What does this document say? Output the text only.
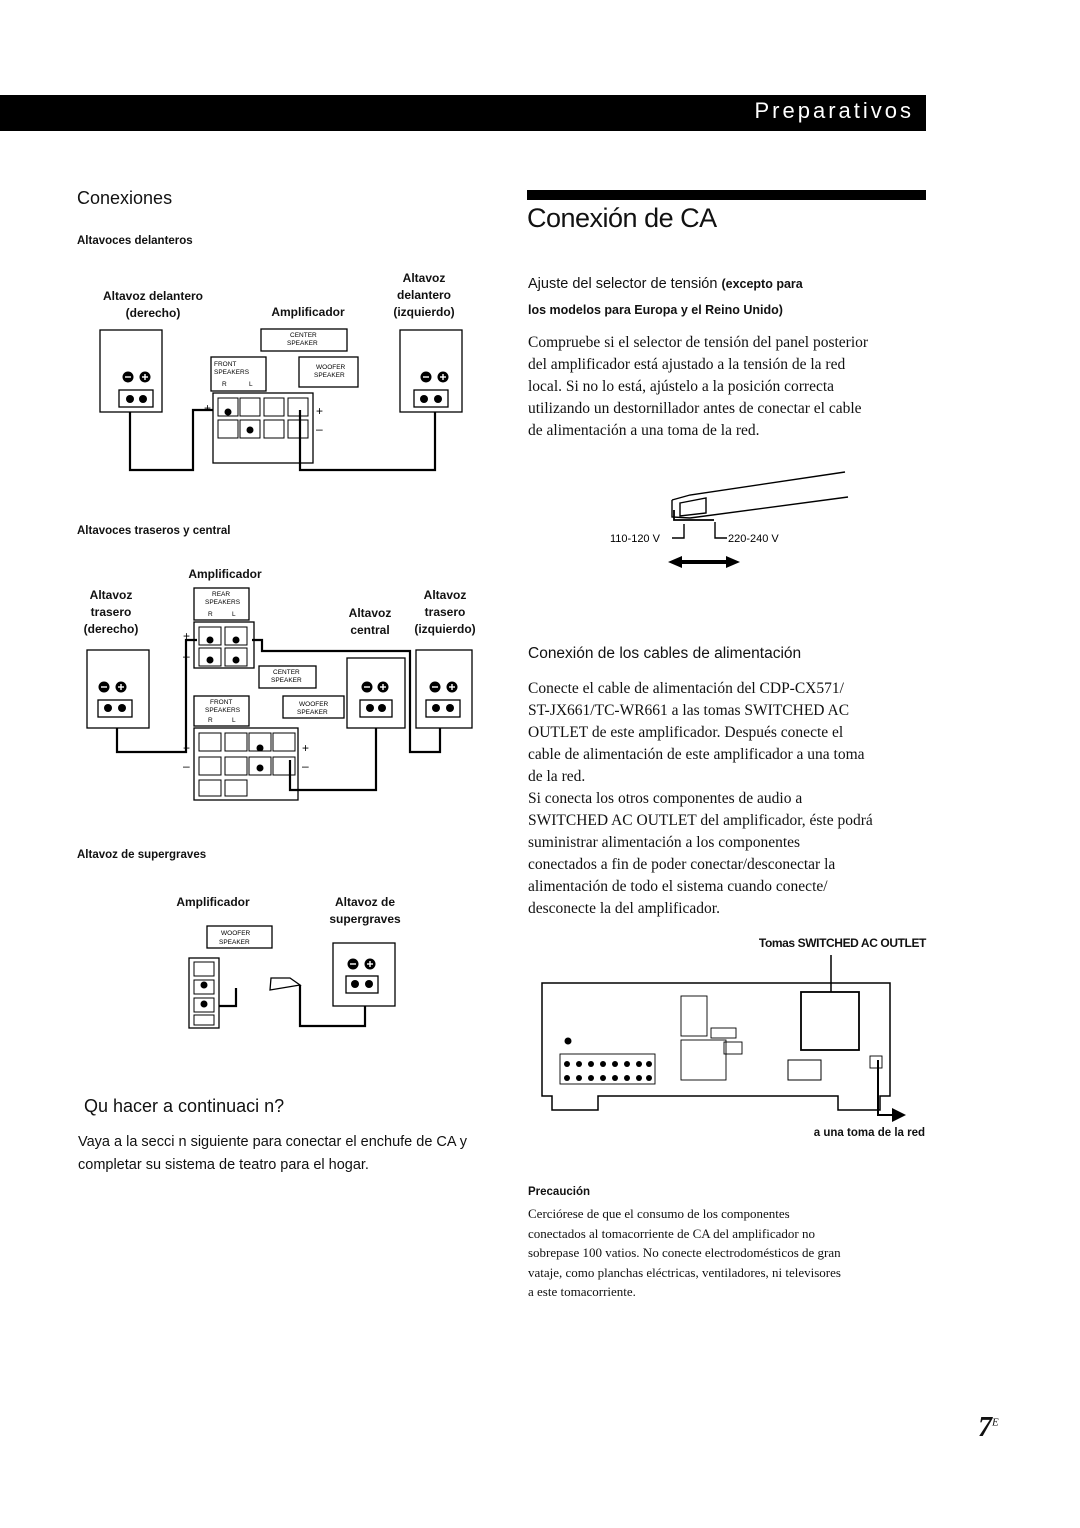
Preparativos
Conexiones
Altavoces delanteros
Altavoz delantero
(derecho)	Amplificador
Altavoz
delantero
(izquierdo)
FRONT
SPEAKERS
R	L
WOOFER
SPEAKER
CENTER
SPEAKER
+
–
+
Altavoces traseros y central
Amplificador
Altavoz
trasero
(derecho)
Altavoz
central
Altavoz
trasero
(izquierdo)
REAR
SPEAKERS
R	L
CENTER
SPEAKER
FRONT
SPEAKERS
R	L
WOOFER
SPEAKER
+
–
+
–
+
–
Altavoz de supergraves
Amplificador	Altavoz de
supergraves
WOOFER
SPEAKER
Qu hacer a continuaci n?
Vaya a la secci n siguiente para conectar el enchufe de CA y
completar su sistema de teatro para el hogar.
Conexión de CA
Ajuste del selector de tensión (excepto para
los modelos para Europa y el Reino Unido)
Compruebe si el selector de tensión del panel posterior
del amplificador está ajustado a la tensión de la red
local. Si no lo está, ajústelo a la posición correcta
utilizando un destornillador antes de conectar el cable
de alimentación a una toma de la red.
110-120 V	220-240 V
Conexión de los cables de alimentación
Conecte el cable de alimentación del CDP-CX571/
ST-JX661/TC-WR661 a las tomas SWITCHED AC
OUTLET de este amplificador. Después conecte el
cable de alimentación de este amplificador a una toma
de la red.
Si conecta los otros componentes de audio a
SWITCHED AC OUTLET del amplificador, éste podrá
suministrar alimentación a los componentes
conectados a fin de poder conectar/desconectar la
alimentación de todo el sistema cuando conecte/
desconecte la del amplificador.
Tomas SWITCHED AC OUTLET
a una toma de la red
Precaución
Cerciórese de que el consumo de los componentes
conectados al tomacorriente de CA del amplificador no
sobrepase 100 vatios. No conecte electrodomésticos de gran
vataje, como planchas eléctricas, ventiladores, ni televisores
a este tomacorriente.
$7^E$
